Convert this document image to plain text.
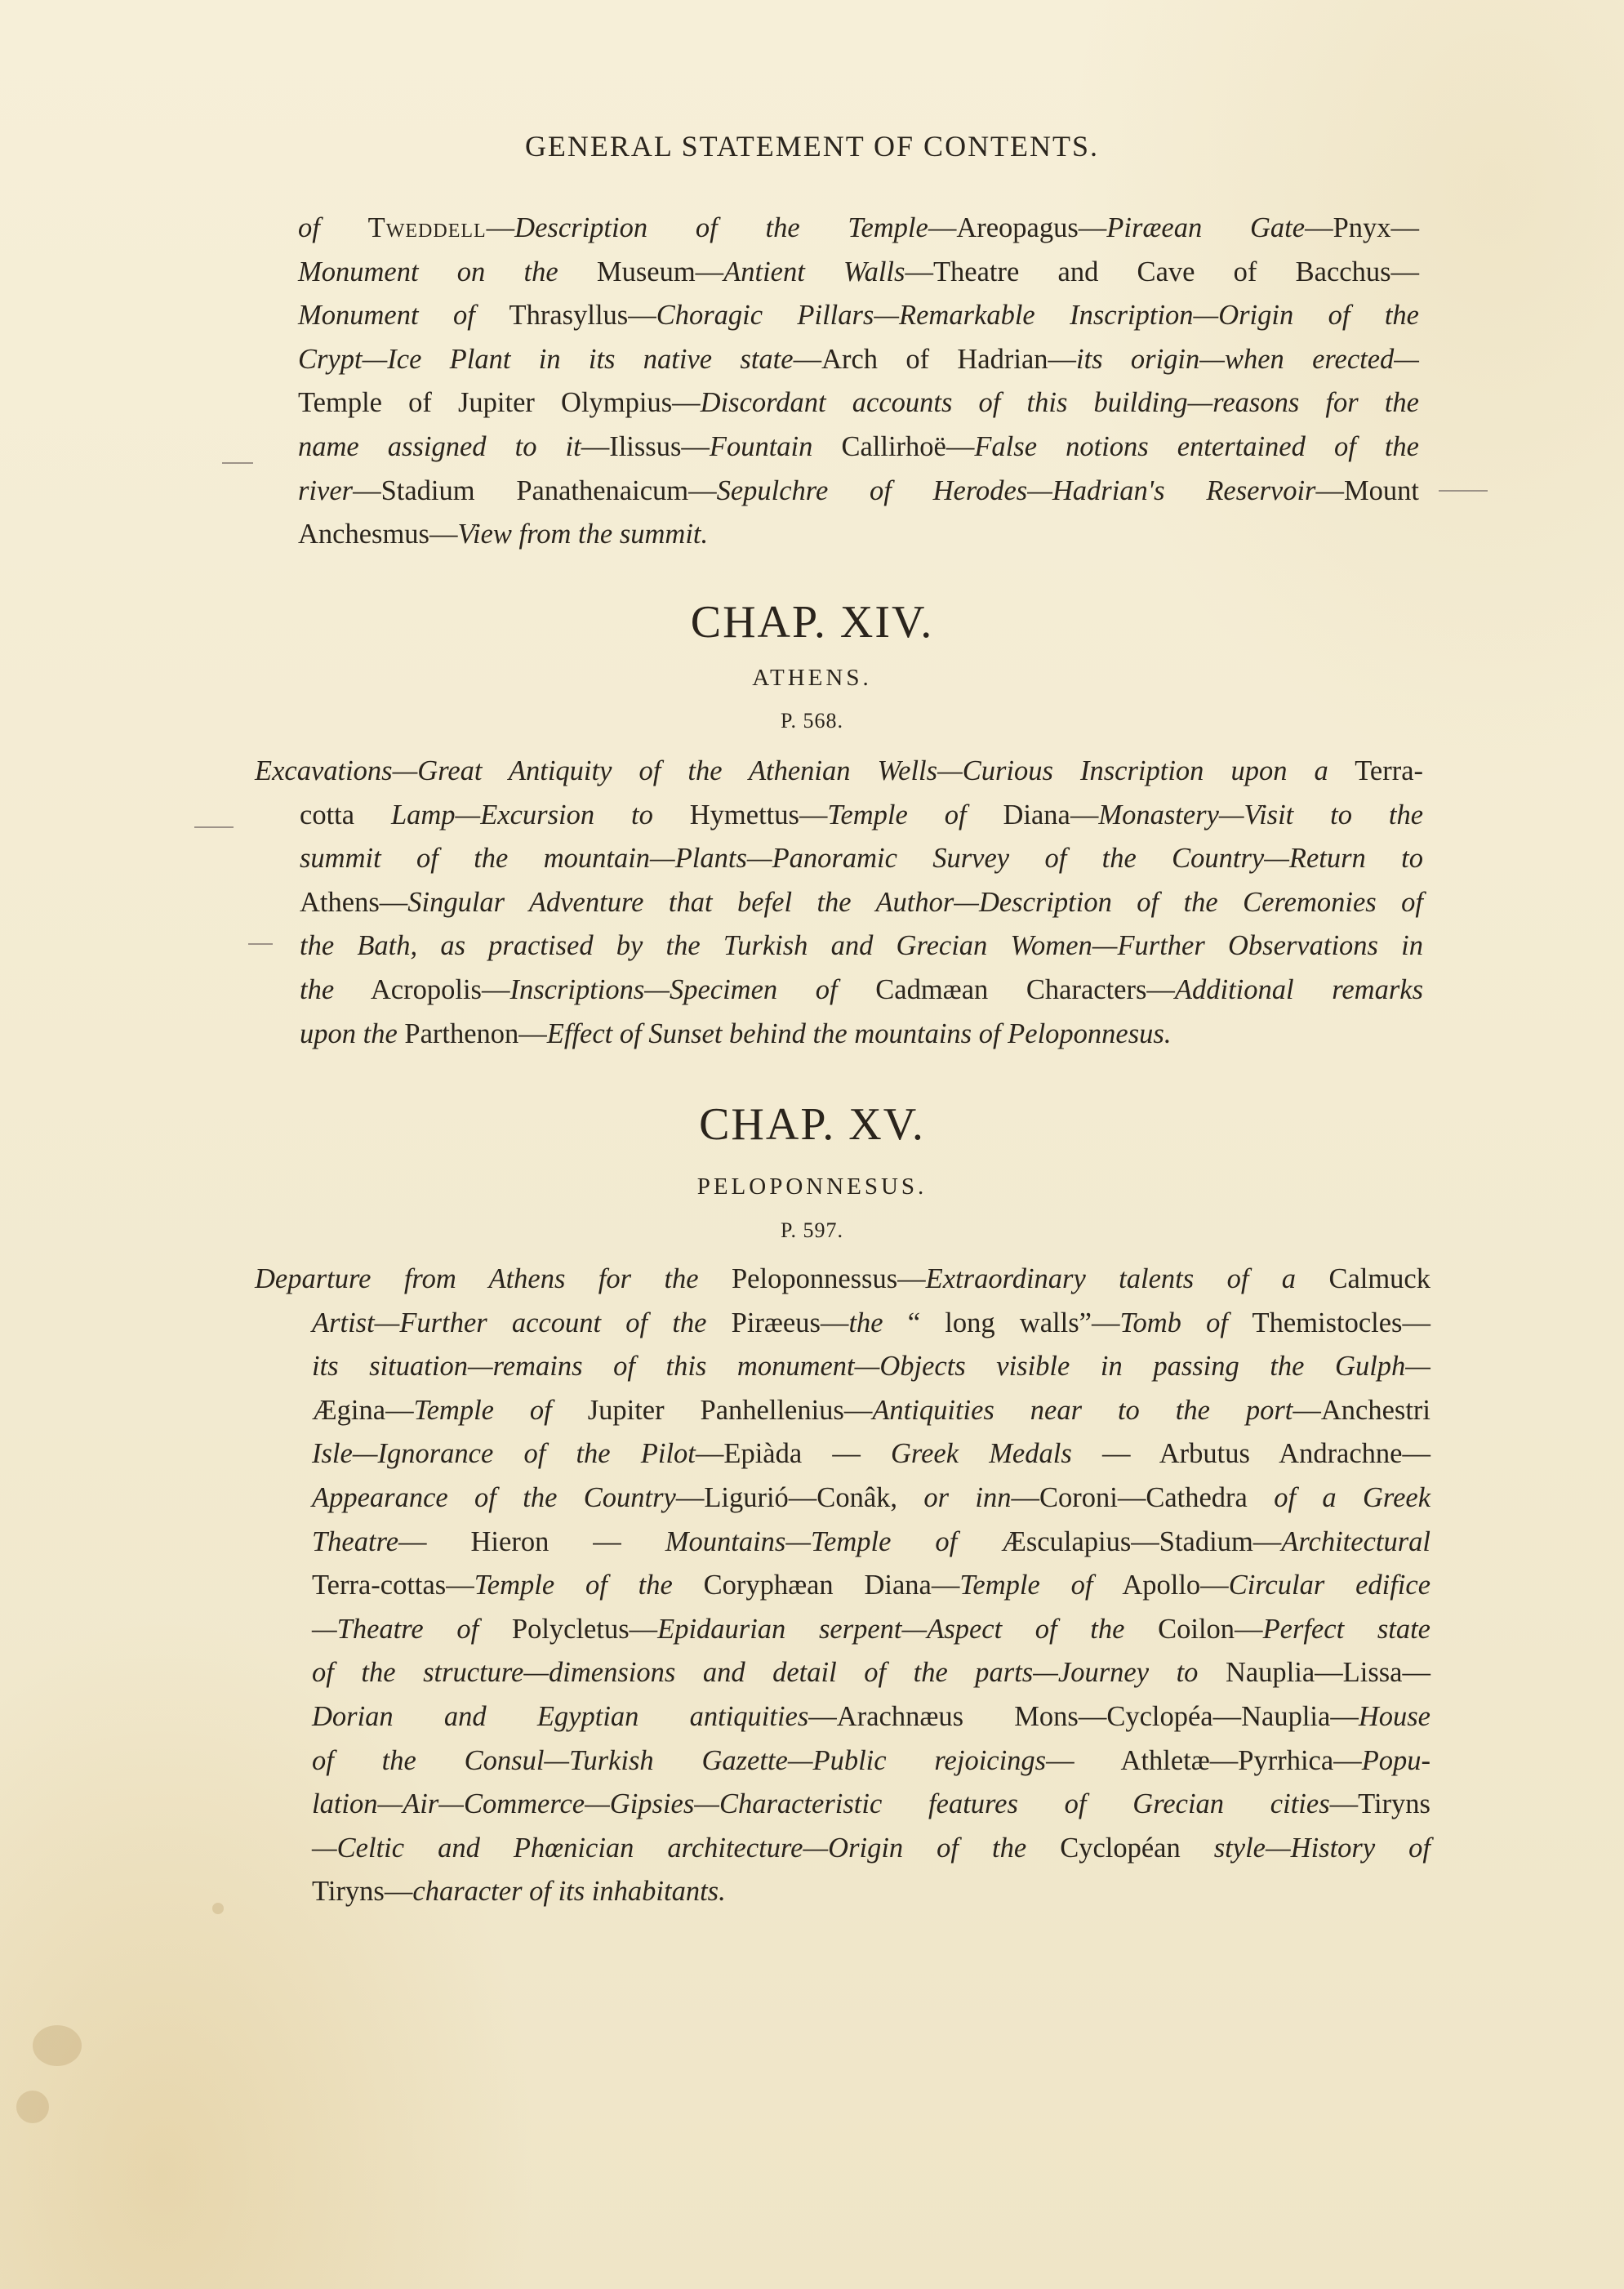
GENERAL STATEMENT OF CONTENTS.
of Tweddell—Description of the Temple—Areopagus—Piræean Gate—Pnyx—
Monument on the Museum—Antient Walls—Theatre and Cave of Bacchus—
Monument of Thrasyllus—Choragic Pillars—Remarkable Inscription—Origin of the
Crypt—Ice Plant in its native state—Arch of Hadrian—its origin—when erected—
Temple of Jupiter Olympius—Discordant accounts of this building—reasons for the
name assigned to it—Ilissus—Fountain Callirhoë—False notions entertained of the
river—Stadium Panathenaicum—Sepulchre of Herodes—Hadrian's Reservoir—Mount
Anchesmus—View from the summit.
CHAP. XIV.
ATHENS.
P. 568.
Excavations—Great Antiquity of the Athenian Wells—Curious Inscription upon a Terra-
cotta Lamp—Excursion to Hymettus—Temple of Diana—Monastery—Visit to the
summit of the mountain—Plants—Panoramic Survey of the Country—Return to
Athens—Singular Adventure that befel the Author—Description of the Ceremonies of
the Bath, as practised by the Turkish and Grecian Women—Further Observations in
the Acropolis—Inscriptions—Specimen of Cadmæan Characters—Additional remarks
upon the Parthenon—Effect of Sunset behind the mountains of Peloponnesus.
CHAP. XV.
PELOPONNESUS.
P. 597.
Departure from Athens for the Peloponnessus—Extraordinary talents of a Calmuck
Artist—Further account of the Piræeus—the “ long walls”—Tomb of Themistocles—
its situation—remains of this monument—Objects visible in passing the Gulph—
Ægina—Temple of Jupiter Panhellenius—Antiquities near to the port—Anchestri
Isle—Ignorance of the Pilot—Epiàda — Greek Medals — Arbutus Andrachne—
Appearance of the Country—Ligurió—Conâk, or inn—Coroni—Cathedra of a Greek
Theatre— Hieron — Mountains—Temple of Æsculapius—Stadium—Architectural
Terra-cottas—Temple of the Coryphæan Diana—Temple of Apollo—Circular edifice
—Theatre of Polycletus—Epidaurian serpent—Aspect of the Coilon—Perfect state
of the structure—dimensions and detail of the parts—Journey to Nauplia—Lissa—
Dorian and Egyptian antiquities—Arachnæus Mons—Cyclopéa—Nauplia—House
of the Consul—Turkish Gazette—Public rejoicings— Athletæ—Pyrrhica—Popu-
lation—Air—Commerce—Gipsies—Characteristic features of Grecian cities—Tiryns
—Celtic and Phœnician architecture—Origin of the Cyclopéan style—History of
Tiryns—character of its inhabitants.
